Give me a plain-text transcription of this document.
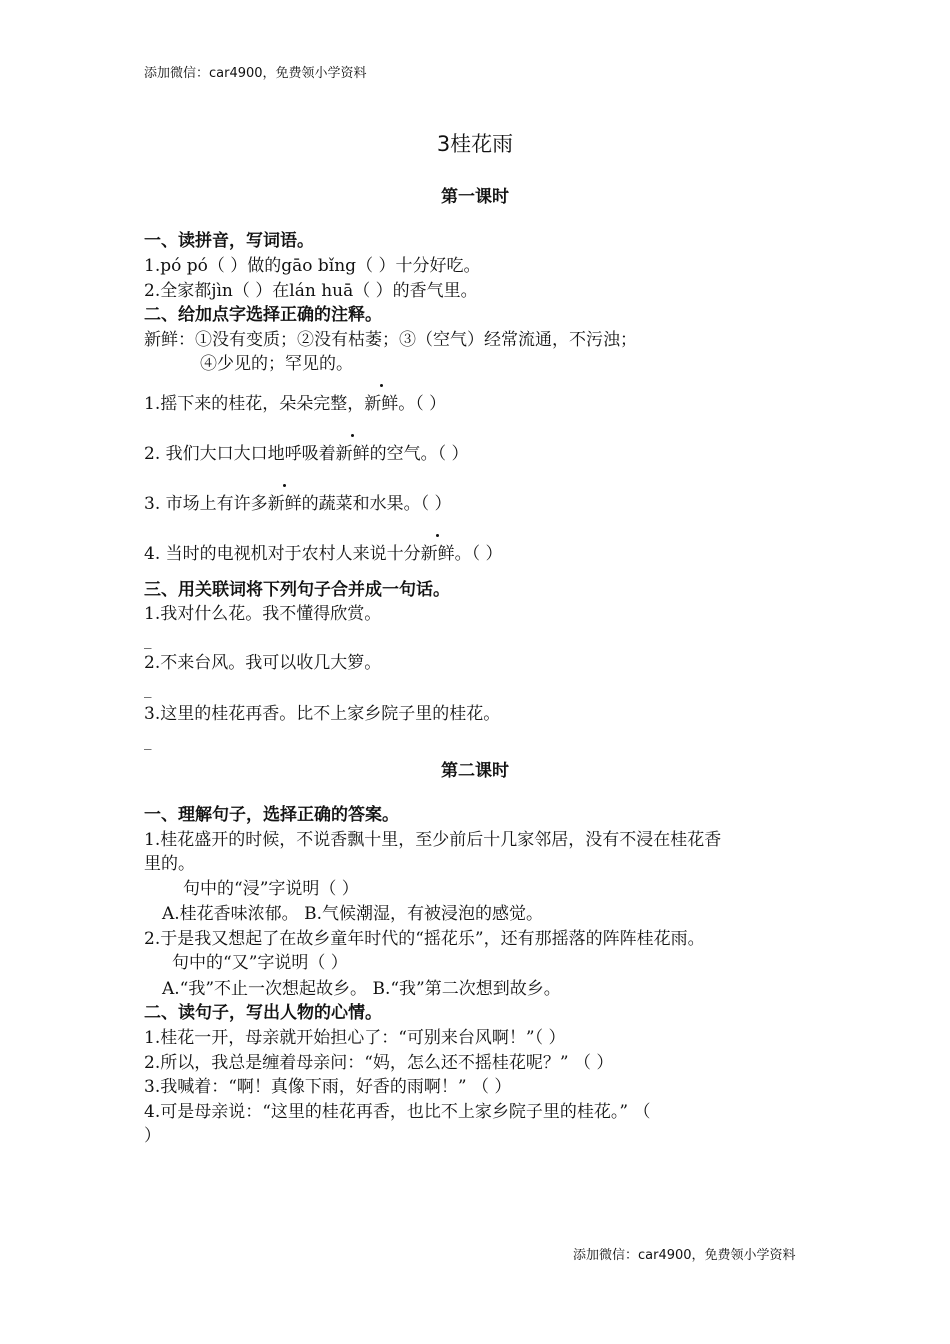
添加微信：car4900，免费领小学资料
3桂花雨
第一课时
一、读拼音，写词语。
1.pó pó（ ）做的gāo bǐng（ ）十分好吃。
2.全家都jìn（ ）在lán huā（ ）的香气里。
二、给加点字选择正确的注释。
新鲜：①没有变质；②没有枯萎；③（空气）经常流通，不污浊；
④少见的；罕见的。
1.摇下来的桂花，朵朵完整，新鲜。（ ）
2. 我们大口大口地呼吸着新鲜的空气。（ ）
3. 市场上有许多新鲜的蔬菜和水果。（ ）
4. 当时的电视机对于农村人来说十分新鲜。（ ）
三、用关联词将下列句子合并成一句话。
1.我对什么花。我不懂得欣赏。
_
2.不来台风。我可以收几大箩。
_
3.这里的桂花再香。比不上家乡院子里的桂花。
_
第二课时
一、理解句子，选择正确的答案。
1.桂花盛开的时候，不说香飘十里，至少前后十几家邻居，没有不浸在桂花香
里的。
句中的“浸”字说明（ ）
A.桂花香味浓郁。 B.气候潮湿，有被浸泡的感觉。
2.于是我又想起了在故乡童年时代的“摇花乐”，还有那摇落的阵阵桂花雨。
句中的“又”字说明（ ）
A.“我”不止一次想起故乡。 B.“我”第二次想到故乡。
二、读句子，写出人物的心情。
1.桂花一开，母亲就开始担心了：“可别来台风啊！”（ ）
2.所以，我总是缠着母亲问：“妈，怎么还不摇桂花呢？” （ ）
3.我喊着：“啊！真像下雨，好香的雨啊！” （ ）
4.可是母亲说：“这里的桂花再香，也比不上家乡院子里的桂花。” （
）
添加微信：car4900，免费领小学资料
